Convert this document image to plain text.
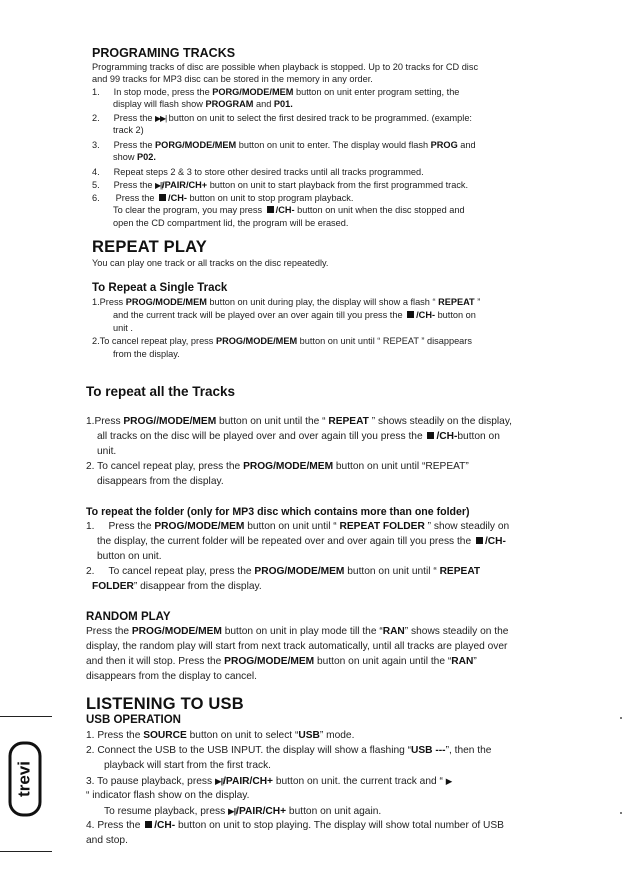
PROGRAMING TRACKS
Programming tracks of disc are possible when playback is stopped. Up to 20 tracks for CD disc
and 99 tracks for MP3 disc can be stored in the memory in any order.
1. In stop mode, press the PORG/MODE/MEM button on unit enter program setting, the
display will flash show PROGRAM and P01.
2. Press the ▶▶| button on unit to select the first desired track to be programmed. (example:
track 2)
3. Press the PORG/MODE/MEM button on unit to enter. The display would flash PROG and
show P02.
4. Repeat steps 2 & 3 to store other desired tracks until all tracks programmed.
5. Press the ▶||/PAIR/CH+ button on unit to start playback from the first programmed track.
6. Press the /CH- button on unit to stop program playback.
To clear the program, you may press /CH- button on unit when the disc stopped and
open the CD compartment lid, the program will be erased.
REPEAT PLAY
You can play one track or all tracks on the disc repeatedly.
To Repeat a Single Track
1.Press PROG/MODE/MEM button on unit during play, the display will show a flash “ REPEAT ”
and the current track will be played over an over again till you press the /CH- button on
unit .
2.To cancel repeat play, press PROG/MODE/MEM button on unit until “ REPEAT ” disappears
from the display.
To repeat all the Tracks
1.Press PROG//MODE/MEM button on unit until the “ REPEAT ” shows steadily on the display,
all tracks on the disc will be played over and over again till you press the /CH-button on
unit.
2. To cancel repeat play, press the PROG/MODE/MEM button on unit until “REPEAT”
disappears from the display.
To repeat the folder (only for MP3 disc which contains more than one folder)
1. Press the PROG/MODE/MEM button on unit until “ REPEAT FOLDER ” show steadily on
the display, the current folder will be repeated over and over again till you press the /CH-
button on unit.
2. To cancel repeat play, press the PROG/MODE/MEM button on unit until “ REPEAT
FOLDER” disappear from the display.
RANDOM PLAY
Press the PROG/MODE/MEM button on unit in play mode till the “RAN” shows steadily on the
display, the random play will start from next track automatically, until all tracks are played over
and then it will stop. Press the PROG/MODE/MEM button on unit again until the “RAN”
disappears from the display to cancel.
LISTENING TO USB
USB OPERATION
1. Press the SOURCE button on unit to select “USB” mode.
2. Connect the USB to the USB INPUT. the display will show a flashing “USB ---”, then the
playback will start from the first track.
3. To pause playback, press ▶||/PAIR/CH+ button on unit. the current track and “ ▶
“ indicator flash show on the display.
To resume playback, press ▶||/PAIR/CH+ button on unit again.
4. Press the /CH- button on unit to stop playing. The display will show total number of USB
and stop.
trevi
